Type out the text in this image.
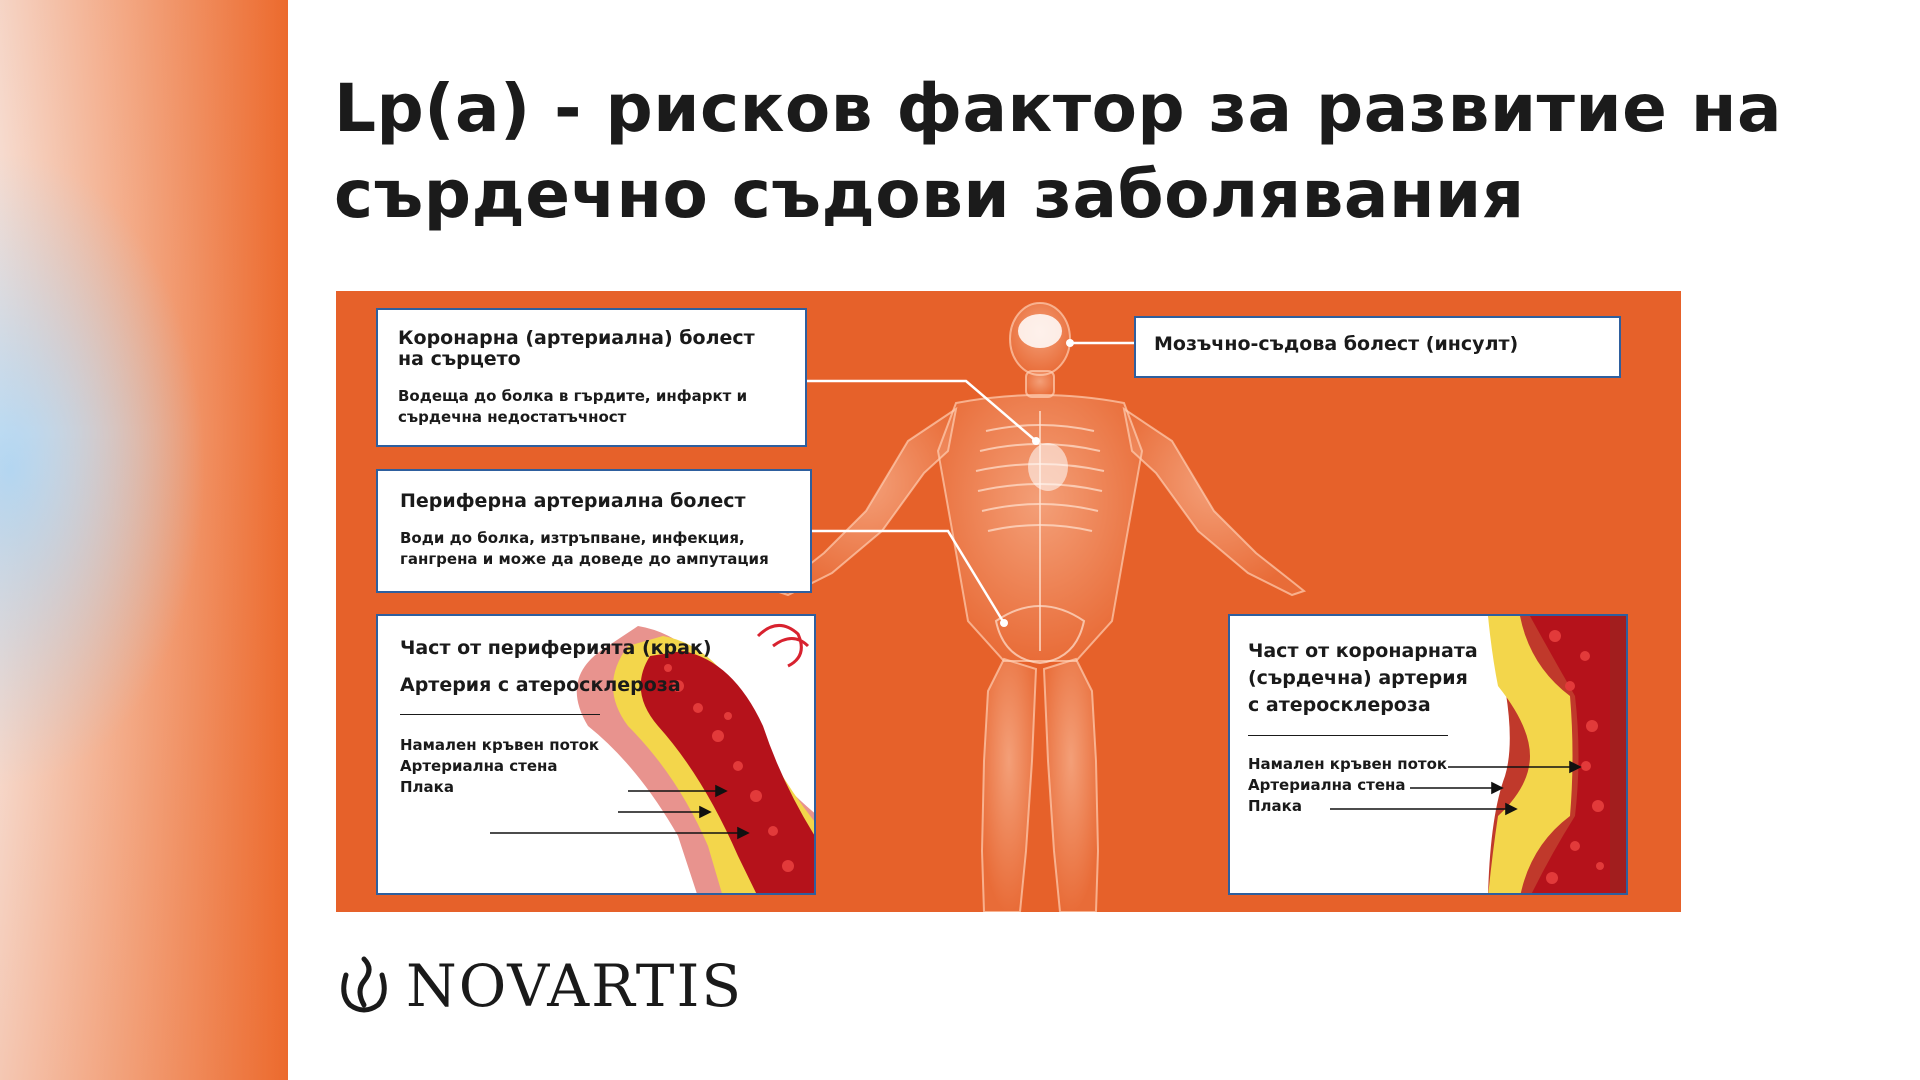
Lp(a) - рисков фактор за развитие на сърдечно съдови заболявания
Коронарна (артериална) болест на сърцето
Водеща до болка в гърдите, инфаркт и сърдечна недостатъчност
Мозъчно-съдова болест (инсулт)
Периферна артериална болест
Води до болка, изтръпване, инфекция, гангрена и може да доведе до ампутация
Част от периферията (крак)
Артерия с атеросклероза
Намален кръвен поток
Артериална стена
Плака
Част от коронарната (сърдечна) артерия с атеросклероза
Намален кръвен поток
Артериална стена
Плака
NOVARTIS
